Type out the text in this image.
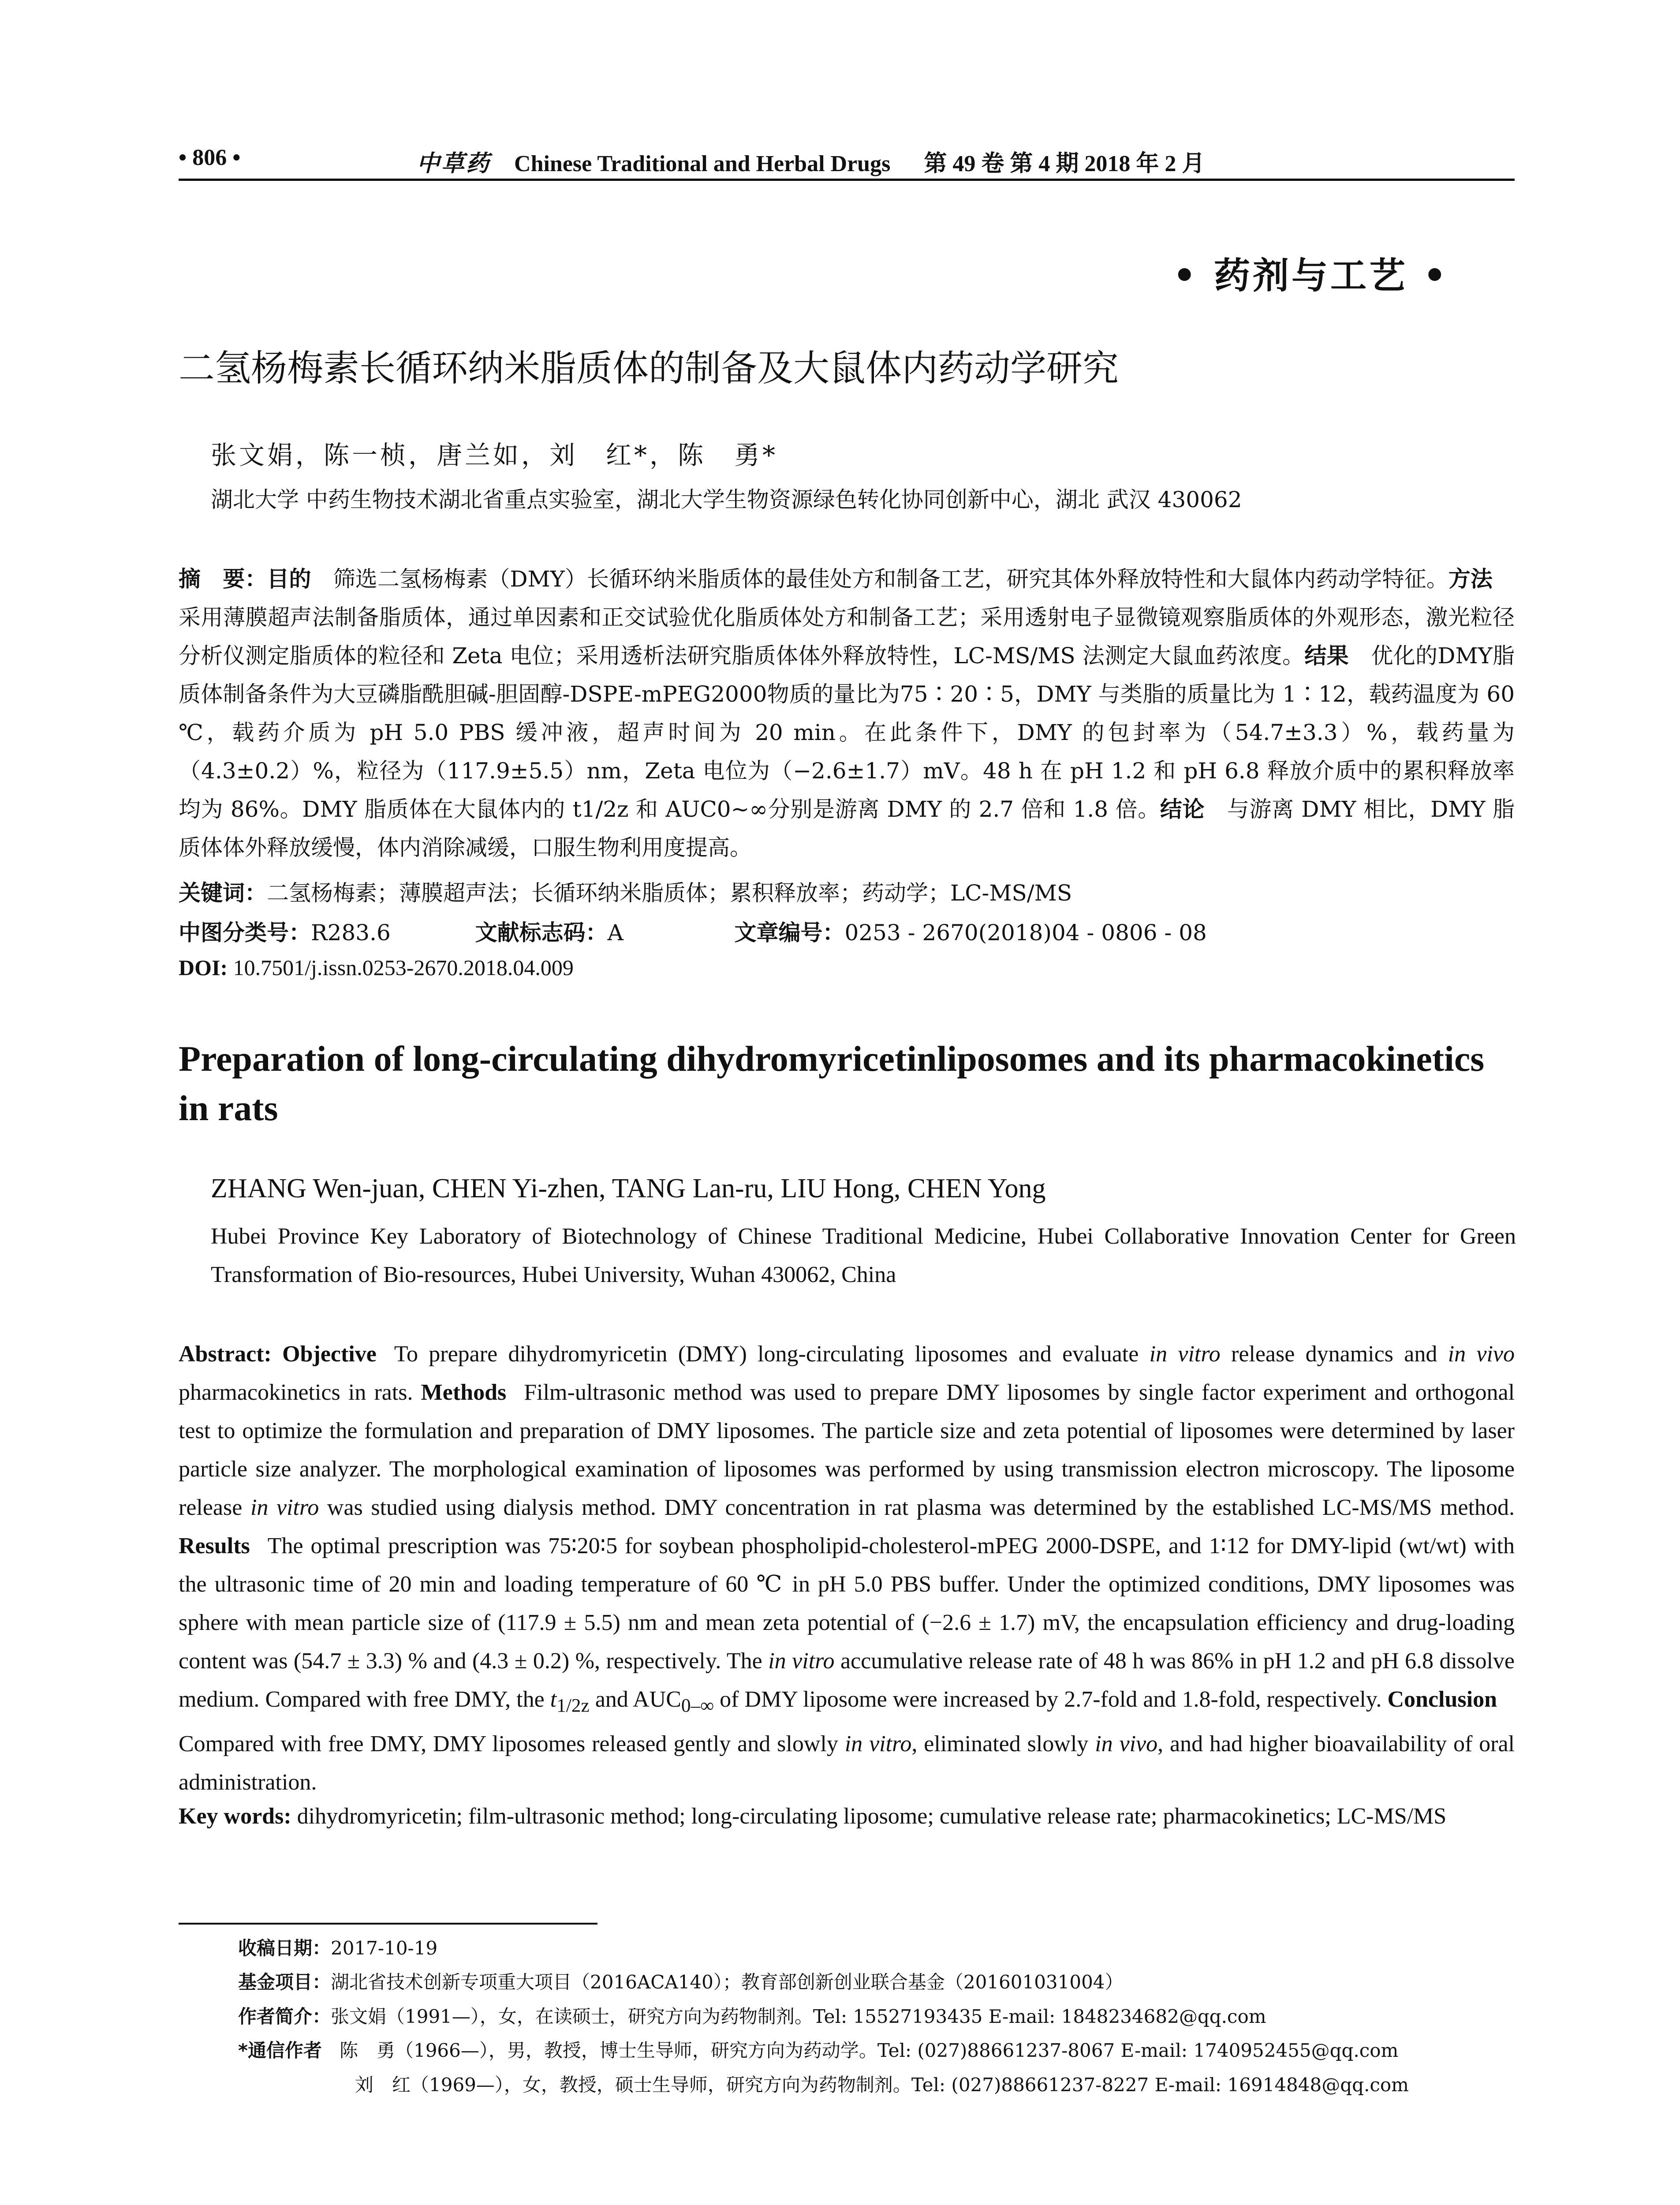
• 806 •	中草药 Chinese Traditional and Herbal Drugs 第 49 卷 第 4 期 2018 年 2 月
• 药剂与工艺 •
二氢杨梅素长循环纳米脂质体的制备及大鼠体内药动学研究
张文娟，陈一桢，唐兰如，刘　红*，陈　勇*
湖北大学 中药生物技术湖北省重点实验室，湖北大学生物资源绿色转化协同创新中心，湖北 武汉 430062
摘　要：目的　筛选二氢杨梅素（DMY）长循环纳米脂质体的最佳处方和制备工艺，研究其体外释放特性和大鼠体内药动学特征。方法　采用薄膜超声法制备脂质体，通过单因素和正交试验优化脂质体处方和制备工艺；采用透射电子显微镜观察脂质体的外观形态，激光粒径分析仪测定脂质体的粒径和 Zeta 电位；采用透析法研究脂质体体外释放特性，LC-MS/MS 法测定大鼠血药浓度。结果　优化的DMY脂质体制备条件为大豆磷脂酰胆碱-胆固醇-DSPE-mPEG2000物质的量比为75∶20∶5，DMY 与类脂的质量比为 1∶12，载药温度为 60 ℃，载药介质为 pH 5.0 PBS 缓冲液，超声时间为 20 min。在此条件下，DMY 的包封率为（54.7±3.3）%，载药量为（4.3±0.2）%，粒径为（117.9±5.5）nm，Zeta 电位为（−2.6±1.7）mV。48 h 在 pH 1.2 和 pH 6.8 释放介质中的累积释放率均为 86%。DMY 脂质体在大鼠体内的 t1/2z 和 AUC0~∞分别是游离 DMY 的 2.7 倍和 1.8 倍。结论　与游离 DMY 相比，DMY 脂质体体外释放缓慢，体内消除减缓，口服生物利用度提高。
关键词：二氢杨梅素；薄膜超声法；长循环纳米脂质体；累积释放率；药动学；LC-MS/MS
中图分类号：R283.6	文献标志码：A	文章编号：0253 - 2670(2018)04 - 0806 - 08
DOI: 10.7501/j.issn.0253-2670.2018.04.009
Preparation of long-circulating dihydromyricetinliposomes and its pharmacokinetics in rats
ZHANG Wen-juan, CHEN Yi-zhen, TANG Lan-ru, LIU Hong, CHEN Yong
Hubei Province Key Laboratory of Biotechnology of Chinese Traditional Medicine, Hubei Collaborative Innovation Center for Green Transformation of Bio-resources, Hubei University, Wuhan 430062, China
Abstract: Objective To prepare dihydromyricetin (DMY) long-circulating liposomes and evaluate in vitro release dynamics and in vivo pharmacokinetics in rats. Methods Film-ultrasonic method was used to prepare DMY liposomes by single factor experiment and orthogonal test to optimize the formulation and preparation of DMY liposomes. The particle size and zeta potential of liposomes were determined by laser particle size analyzer. The morphological examination of liposomes was performed by using transmission electron microscopy. The liposome release in vitro was studied using dialysis method. DMY concentration in rat plasma was determined by the established LC-MS/MS method. Results The optimal prescription was 75∶20∶5 for soybean phospholipid-cholesterol-mPEG 2000-DSPE, and 1∶12 for DMY-lipid (wt/wt) with the ultrasonic time of 20 min and loading temperature of 60 ℃ in pH 5.0 PBS buffer. Under the optimized conditions, DMY liposomes was sphere with mean particle size of (117.9 ± 5.5) nm and mean zeta potential of (−2.6 ± 1.7) mV, the encapsulation efficiency and drug-loading content was (54.7 ± 3.3) % and (4.3 ± 0.2) %, respectively. The in vitro accumulative release rate of 48 h was 86% in pH 1.2 and pH 6.8 dissolve medium. Compared with free DMY, the $t_{1/2z}$ and $AUC_{0-\infty}$ of DMY liposome were increased by 2.7-fold and 1.8-fold, respectively. ConclusionCompared with free DMY, DMY liposomes released gently and slowly in vitro, eliminated slowly in vivo, and had higher bioavailability of oral administration.
Key words: dihydromyricetin; film-ultrasonic method; long-circulating liposome; cumulative release rate; pharmacokinetics; LC-MS/MS
收稿日期：2017-10-19
基金项目：湖北省技术创新专项重大项目（2016ACA140）；教育部创新创业联合基金（201601031004）
作者简介：张文娟（1991—），女，在读硕士，研究方向为药物制剂。Tel: 15527193435 E-mail: 1848234682@qq.com
*通信作者 陈　勇（1966—），男，教授，博士生导师，研究方向为药动学。Tel: (027)88661237-8067 E-mail: 1740952455@qq.com
刘　红（1969—），女，教授，硕士生导师，研究方向为药物制剂。Tel: (027)88661237-8227 E-mail: 16914848@qq.com
